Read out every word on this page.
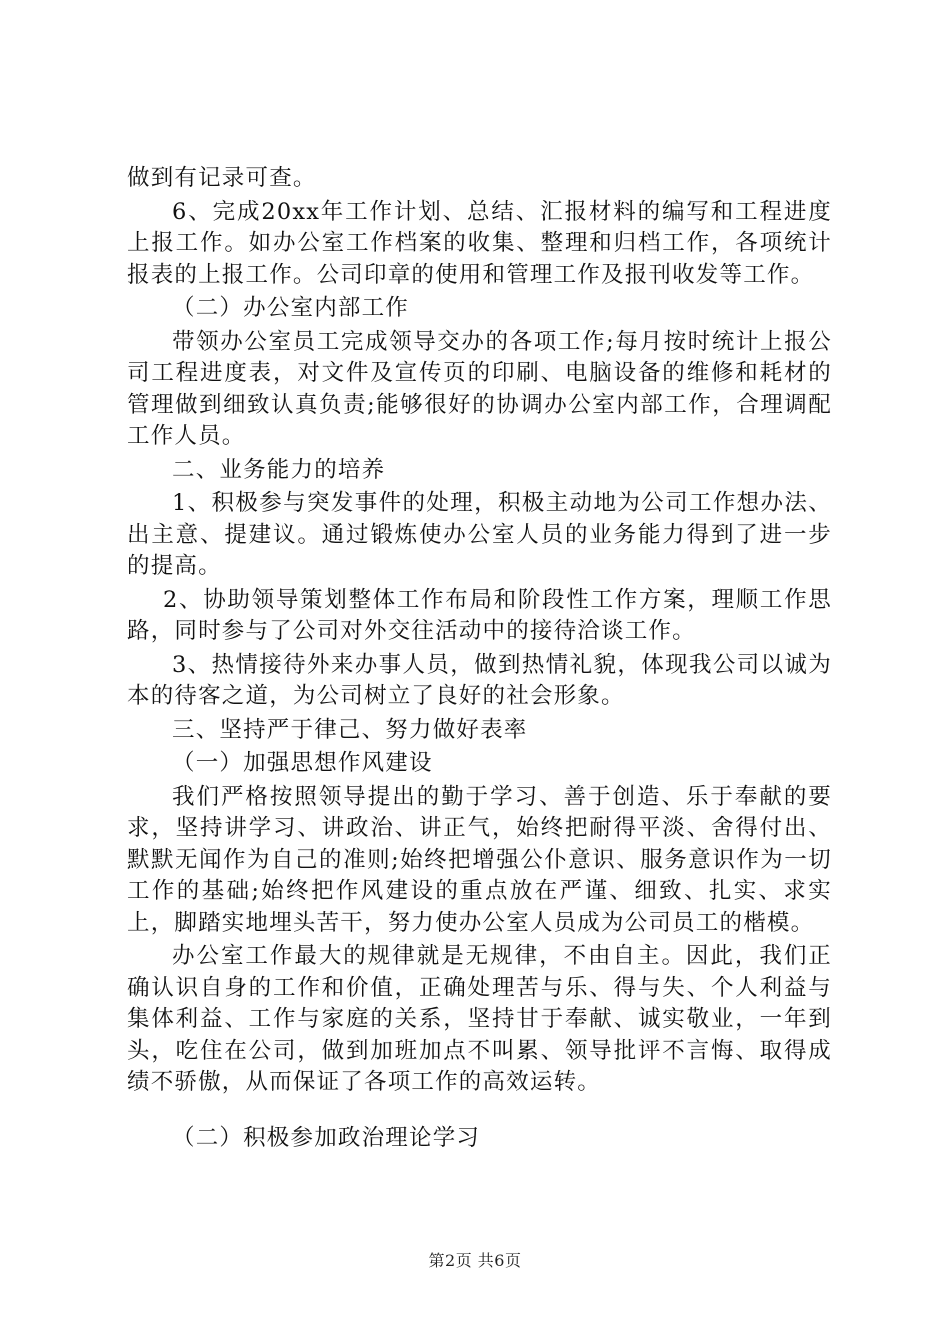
做到有记录可查。

6、完成20xx年工作计划、总结、汇报材料的编写和工程进度上报工作。如办公室工作档案的收集、整理和归档工作，各项统计报表的上报工作。公司印章的使用和管理工作及报刊收发等工作。

（二）办公室内部工作

带领办公室员工完成领导交办的各项工作;每月按时统计上报公司工程进度表，对文件及宣传页的印刷、电脑设备的维修和耗材的管理做到细致认真负责;能够很好的协调办公室内部工作，合理调配工作人员。

二、业务能力的培养

1、积极参与突发事件的处理，积极主动地为公司工作想办法、出主意、提建议。通过锻炼使办公室人员的业务能力得到了进一步的提高。

2、协助领导策划整体工作布局和阶段性工作方案，理顺工作思路，同时参与了公司对外交往活动中的接待洽谈工作。

3、热情接待外来办事人员，做到热情礼貌，体现我公司以诚为本的待客之道，为公司树立了良好的社会形象。

三、坚持严于律己、努力做好表率

（一）加强思想作风建设

我们严格按照领导提出的勤于学习、善于创造、乐于奉献的要求，坚持讲学习、讲政治、讲正气，始终把耐得平淡、舍得付出、默默无闻作为自己的准则;始终把增强公仆意识、服务意识作为一切工作的基础;始终把作风建设的重点放在严谨、细致、扎实、求实上，脚踏实地埋头苦干，努力使办公室人员成为公司员工的楷模。

办公室工作最大的规律就是无规律，不由自主。因此，我们正确认识自身的工作和价值，正确处理苦与乐、得与失、个人利益与集体利益、工作与家庭的关系，坚持甘于奉献、诚实敬业，一年到头，吃住在公司，做到加班加点不叫累、领导批评不言悔、取得成绩不骄傲，从而保证了各项工作的高效运转。

（二）积极参加政治理论学习

第2页 共6页
